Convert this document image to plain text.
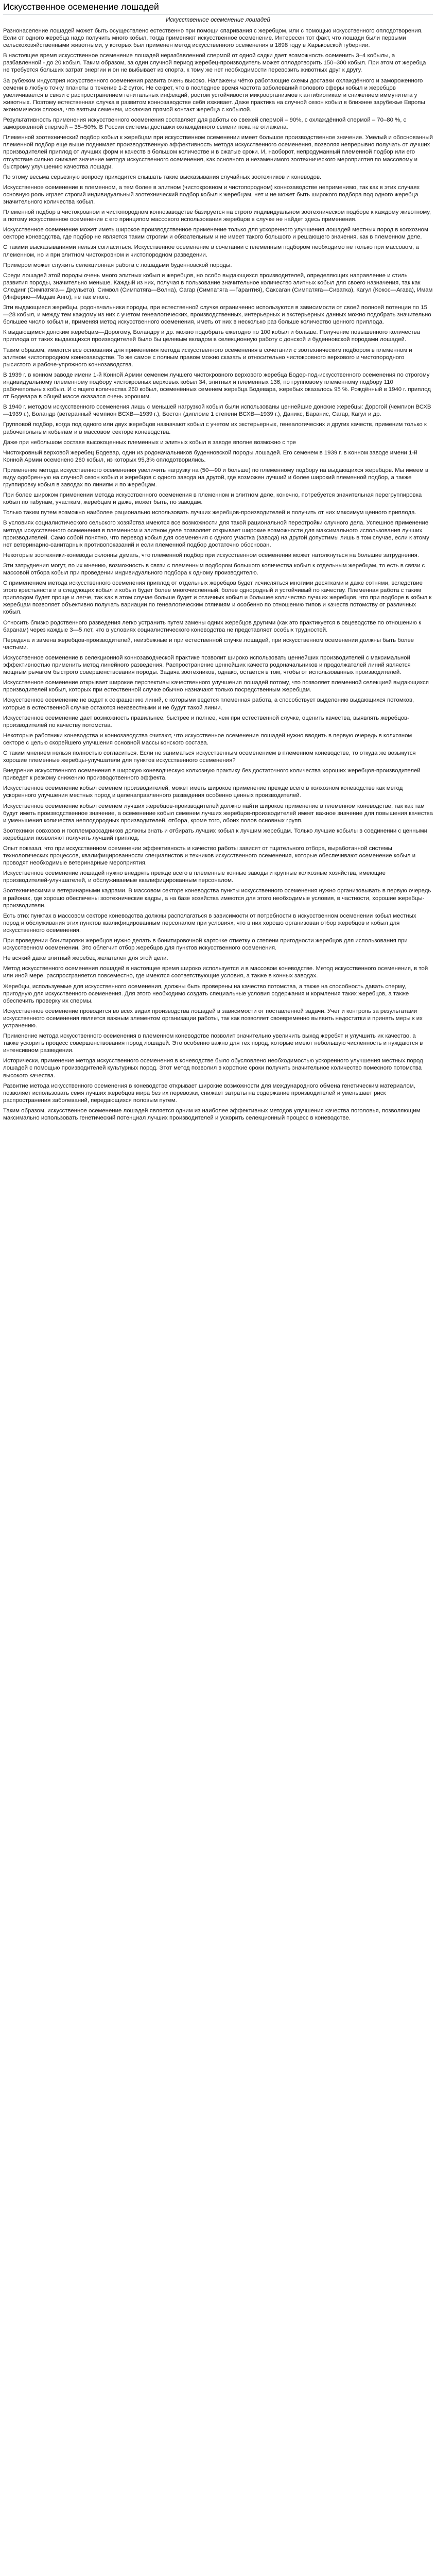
Искусственное осеменение лошадей
Искусственное осеменение лошадей

Разнонаселение лошадей может быть осуществлено естественно при помощи спаривания с жеребцом, или с помощью искусственного оплодотворения. Если от одного жеребца надо получить много кобыл, тогда применяют искусственное осеменение. Интересен тот факт, что лошади были первыми сельскохозяйственными животными, у которых был применен метод искусственного осеменения в 1898 году в Харьковской губернии.

В настоящее время искусственное осеменение лошадей неразбавленной спермой от одной садки дает возможность осеменить 3–4 кобылы, а разбавленной - до 20 кобыл. Таким образом, за один случной период жеребец-производитель может оплодотворить 150–300 кобыл. При этом от жеребца не требуется больших затрат энергии и он не выбывает из спорта, к тому же нет необходимости перевозить животных друг к другу.

За рубежом индустрия искусственного осеменения развита очень высоко. Налажены чётко работающие схемы доставки охлаждённого и замороженного семени в любую точку планеты в течение 1-2 суток. Не секрет, что в последнее время частота заболеваний полового сферы кобыл и жеребцов увеличивается в связи с распространением генитальных инфекций, ростом устойчивости микроорганизмов к антибиотикам и снижением иммунитета у животных. Поэтому естественная случка в развитом коннозаводстве себя изживает. Даже практика на случной сезон кобыл в ближнее зарубежье Европы экономически сложна, что взятым семенем, исключая прямой контакт жеребца с кобылой.

Результативность применения искусственного осеменения составляет для работы со свежей спермой – 90%, с охлаждённой спермой – 70–80 %, с замороженной спермой – 35–50%. В России системы доставки охлаждённого семени пока не отлажена.

Племенной зоотехнический подбор кобыл к жеребцам при искусственном осеменении имеет большое производственное значение. Умелый и обоснованный племенной подбор еще выше поднимает производственную эффективность метода искусственного осеменения, позволяя непрерывно получать от лучших производителей приплод от лучших форм и качеств в большом количестве и в сжатые сроки. И, наоборот, непродуманный племенной подбор или его отсутствие сильно снижает значение метода искусственного осеменения, как основного и незаменимого зоотехнического мероприятия по массовому и быстрому улучшению качества лошади.

По этому весьма серьезную вопросу приходится слышать такие высказывания случайных зоотехников и коневодов.

Искусственное осеменение в племенном, а тем более в элитном (чистокровном и чистопородном) коннозаводстве неприменимо, так как в этих случаях основную роль играет строгий индивидуальный зоотехнический подбор кобыл к жеребцам, нет и не может быть широкого подбора под одного жеребца значительного количества кобыл.

Племенной подбор в чистокровном и чистопородном коннозаводстве базируется на строго индивидуальном зоотехническом подборе к каждому животному, а потому искусственное осеменение с его принципом массового использования жеребцов в случке не найдет здесь применения.

Искусственное осеменение может иметь широкое производственное применение только для ускоренного улучшения лошадей местных пород в колхозном секторе коневодства, где подбор не является таким строгим и обязательным и не имеет такого большого и решающего значения, как в племенном деле.

С такими высказываниями нельзя согласиться. Искусственное осеменение в сочетании с племенным подбором необходимо не только при массовом, а племенном, но и при элитном чистокровном и чистопородном разведении.

Примером может служить селекционная работа с лошадьми буденновской породы.

Среди лошадей этой породы очень много элитных кобыл и жеребцов, но особо выдающихся производителей, определяющих направление и стиль развития породы, значительно меньше. Каждый из них, получая в пользование значительное количество элитных кобыл для своего назначения, так как Слединг (Симпатяга— Джульета), Символ (Симпатяга—Волна), Сагар (Симпатяга —Гарантия), Саксаган (Симпатяга—Сиватка), Кагул (Кокос—Агава), Имам (Инферно—Мадам Анго), не так много.

Эти выдающиеся жеребцы, родоначальники породы, при естественной случке ограниченно используются в зависимости от своей полноей потенции по 15—28 кобыл, и между тем каждому из них с учетом генеалогических, производственных, интерьерных и экстерьерных данных можно подобрать значительно большее число кобыл и, применяя метод искусственного осеменения, иметь от них в несколько раз больше количество ценного приплода.

К выдающимся донским жеребцам—Дорогому, Боландру и др. можно подобрать ежегодно по 100 кобыл и больше. Получение повышенного количества приплода от таких выдающихся производителей было бы целевым вкладом в селекционную работу с донской и буденновской породами лошадей.

Таким образом, имеются все основания для применения метода искусственного осеменения в сочетании с зоотехническим подбором в племенном и элитном чистопородном коннозаводстве. То же самое с полным правом можно сказать и относительно чистокровного верхового и чистопородного рысистого и рабоче-упряжного коннозаводства.

В 1939 г. в конном заводе имени 1-й Конной Армии семенем лучшего чистокровного верхового жеребца Бодер-под-искусственного осеменения по строгому индивидуальному племенному подбору чистокровных верховых кобыл 34, элитных и племенных 136, по групповому племенному подбору 110 рабочепольных кобыл. И с ящего количества 260 кобыл, осеменённых семенем жеребца Бодевара, жеребых оказалось 95 %. Рождённый в 1940 г. приплод от Бодевара в общей массе оказался очень хорошим.

В 1940 г. методом искусственного осеменения лишь с меньшей нагрузкой кобыл были использованы ценнейшие донские жеребцы: Дорогой (чемпион ВСХВ—1939 г.), Боландр (ветеранный чемпион ВСХВ—1939 г.), Бостон (дипломе 1 степени ВСХВ—1939 г.), Даникс, Баранис, Сагар, Кагул и др.

Групповой подбор, когда под одного или двух жеребцов назначают кобыл с учетом их экстерьерных, генеалогических и других качеств, применим только к рабочепольным кобылам и в массовом секторе коневодства.

Даже при небольшом составе высокоценных племенных и элитных кобыл в заводе вполне возможно с тре

Чистокровный верховой жеребец Бодевар, один из родоначальников буденновской породы лошадей. Его семенем в 1939 г. в конном заводе имени 1-й Конной Армии осеменено 260 кобыл, из которых 95,3% оплодотворились.

Применение метода искусственного осеменения увеличить нагрузку на (50—90 и больше) по племенному подбору на выдающихся жеребцов. Мы имеем в виду одобренную на случной сезон кобыл и жеребцов с одного завода на другой, где возможен лучший и более широкий племенной подбор, а также группировку кобыл в заводах по линиям и по жеребцам.

При более широком применении метода искусственного осеменения в племенном и элитном деле, конечно, потребуется значительная перегруппировка кобыл по табунам, участкам, жеребцам и даже, может быть, по заводам.

Только таким путем возможно наиболее рационально использовать лучших жеребцов-производителей и получить от них максимум ценного приплода.

В условиях социалистического сельского хозяйства имеются все возможности для такой рациональной перестройки случного дела. Успешное применение метода искусственного осеменения в племенном и элитном деле позволяет открывает широкие возможности для максимального использования лучших производителей. Само собой понятно, что перевод кобыл для осеменения с одного участка (завода) на другой допустимы лишь в том случае, если к этому нет ветеринарно-санитарных противопоказаний и если племенной подбор достаточно обоснован.

Некоторые зоотехники-коневоды склонны думать, что племенной подбор при искусственном осеменении может натолкнуться на большие затруднения.

Эти затруднения могут, по их мнению, возможность в связи с племенным подбором большого количества кобыл к отдельным жеребцам, то есть в связи с массовой отбора кобыл при проведении индивидуального подбора к одному производителю.

С применением метода искусственного осеменения приплод от отдельных жеребцов будет исчисляться многими десятками и даже сотнями, вследствие этого крестьянств и в следующих кобыл и кобыл будет более многочисленный, более однородный и устойчивый по качеству. Племенная работа с таким приплодом будет проще и легче, так как в этом случае больше будет и отличных кобыл и большее количество лучших жеребцов, что при подборе в кобыл к жеребцам позволяет объективно получать вариации по генеалогическим отличиям и особенно по отношению типов и качеств потомству от различных кобыл.

Относить близко родственного разведения легко устранить путем замены одних жеребцов другими (как это практикуется в овцеводстве по отношению к баранам) через каждые 3—5 лет, что в условиях социалистического коневодства не представляет особых трудностей.

Передача и замена жеребцов-производителей, неизбежные и при естественной случке лошадей, при искусственном осеменении должны быть более частыми.

Искусственное осеменение в селекционной коннозаводческой практике позволит широко использовать ценнейших производителей с максимальной эффективностью применить метод линейного разведения. Распространение ценнейших качеств родоначальников и продолжателей линий является мощным рычагом быстрого совершенствования породы. Задача зоотехников, однако, остается в том, чтобы от использованных производителей.

Искусственное осеменение открывает широкие перспективы качественного улучшения лошадей потому, что позволяет племенной селекцией выдающихся производителей кобыл, которых при естественной случке обычно назначают только посредственным жеребцам.

Искусственное осеменение не ведет к сокращению линий, с которыми ведется племенная работа, а способствует выделению выдающихся потомков, которые в естественной случке остаются неизвестными и не будут такой линии.

Искусственное осеменение дает возможность правильнее, быстрее и полнее, чем при естественной случке, оценить качества, выявлять жеребцов-производителей по качеству потомства.

Некоторые работники коневодства и коннозаводства считают, что искусственное осеменение лошадей нужно вводить в первую очередь в колхозном секторе с целью скорейшего улучшения основной массы конского состава.

С таким мнением нельзя полностью согласиться. Если не заниматься искусственным осеменением в племенном коневодстве, то откуда же возьмутся хорошие племенные жеребцы-улучшатели для пунктов искусственного осеменения?

Внедрение искусственного осеменения в широкую коневодческую колхозную практику без достаточного количества хороших жеребцов-производителей приведет к резкому снижению производственного эффекта.

Искусственное осеменение кобыл семенем производителей, может иметь широкое применение прежде всего в колхозном коневодстве как метод ускоренного улучшения местных пород и целенаправленного разведения особенно ценных производителей.

Искусственное осеменение кобыл семенем лучших жеребцов-производителей должно найти широкое применение в племенном коневодстве, так как там будут иметь производственное значение, а осеменение кобыл семенем лучших жеребцов-производителей имеет важное значение для повышения качества и уменьшения количества неплодородных производителей, отбора, кроме того, обоих полов основных групп.

Зоотехники совхозов и госплемрассадников должны знать и отбирать лучших кобыл к лучшим жеребцам. Только лучшие кобылы в соединении с ценными жеребцами позволяют получить лучший приплод.

Опыт показал, что при искусственном осеменении эффективность и качество работы зависят от тщательного отбора, выработанной системы технологических процессов, квалифицированности специалистов и техников искусственного осеменения, которые обеспечивают осеменение кобыл и проводят необходимые ветеринарные мероприятия.

Искусственное осеменение лошадей нужно внедрять прежде всего в племенные конные заводы и крупные колхозные хозяйства, имеющие производителей-улучшателей, и обслуживаемые квалифицированным персоналом.

Зоотехническими и ветеринарными кадрами. В массовом секторе коневодства пункты искусственного осеменения нужно организовывать в первую очередь в районах, где хорошо обеспечены зоотехнические кадры, а на базе хозяйства имеются для этого необходимые условия, в частности, хорошие жеребцы-производители.

Есть этих пунктах в массовом секторе коневодства должны располагаться в зависимости от потребности в искусственном осеменении кобыл местных пород и обслуживания этих пунктов квалифицированным персоналом при условиях, что в них хорошо организован отбор жеребцов и кобыл для искусственного осеменения.

При проведении бонитировки жеребцов нужно делать в бонитировочной карточке отметку о степени пригодности жеребцов для использования при искусственном осеменении. Это облегчит отбор жеребцов для пунктов искусственного осеменения.

Не всякий даже элитный жеребец желателен для этой цели.

Метод искусственного осеменения лошадей в настоящее время широко используется и в массовом коневодстве. Метод искусственного осеменения, в той или иной мере, распространяется повсеместно, где имеются соответствующие условия, а также в конных заводах.

Жеребцы, используемые для искусственного осеменения, должны быть проверены на качество потомства, а также на способность давать сперму, пригодную для искусственного осеменения. Для этого необходимо создать специальные условия содержания и кормления таких жеребцов, а также обеспечить проверку их спермы.

Искусственное осеменение проводится во всех видах производства лошадей в зависимости от поставленной задачи. Учет и контроль за результатами искусственного осеменения является важным элементом организации работы, так как позволяет своевременно выявить недостатки и принять меры к их устранению.

Применение метода искусственного осеменения в племенном коневодстве позволит значительно увеличить выход жеребят и улучшить их качество, а также ускорить процесс совершенствования пород лошадей. Это особенно важно для тех пород, которые имеют небольшую численность и нуждаются в интенсивном разведении.

Исторически, применение метода искусственного осеменения в коневодстве было обусловлено необходимостью ускоренного улучшения местных пород лошадей с помощью производителей культурных пород. Этот метод позволил в короткие сроки получить значительное количество помесного потомства высокого качества.

Развитие метода искусственного осеменения в коневодстве открывает широкие возможности для международного обмена генетическим материалом, позволяет использовать семя лучших жеребцов мира без их перевозки, снижает затраты на содержание производителей и уменьшает риск распространения заболеваний, передающихся половым путем.

Таким образом, искусственное осеменение лошадей является одним из наиболее эффективных методов улучшения качества поголовья, позволяющим максимально использовать генетический потенциал лучших производителей и ускорить селекционный процесс в коневодстве.
